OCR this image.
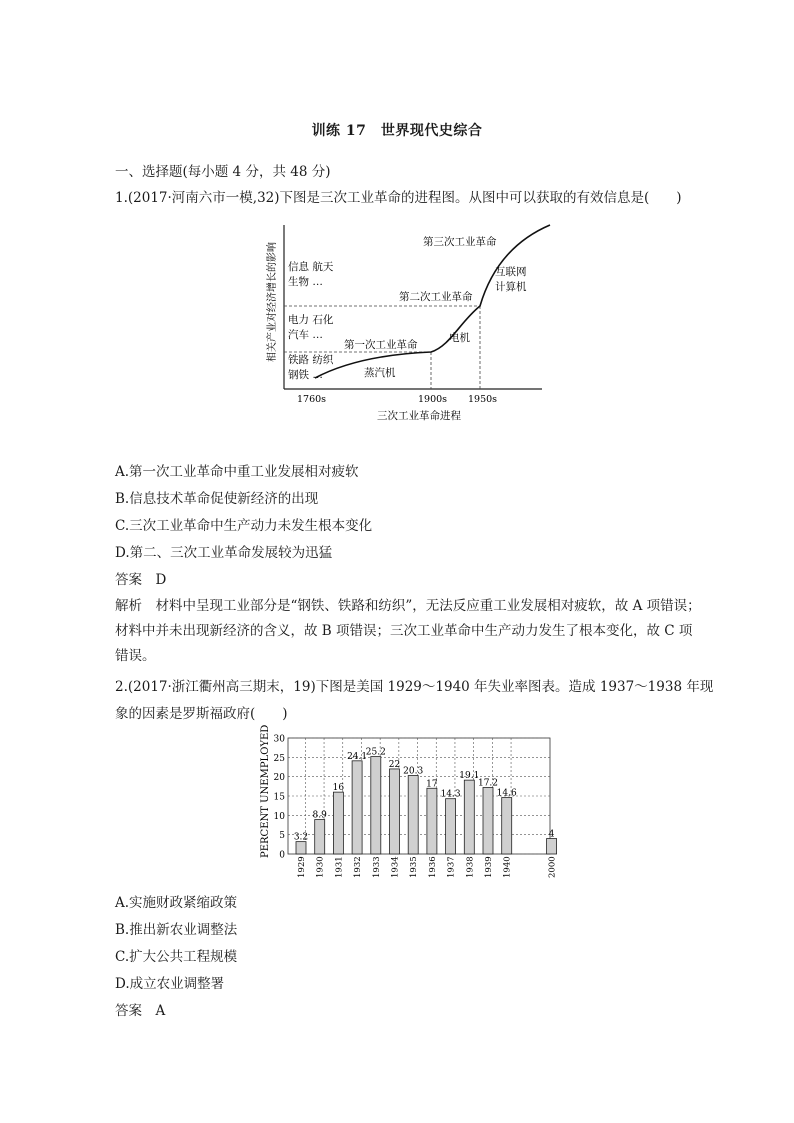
训练 17　世界现代史综合
一、选择题(每小题 4 分，共 48 分)
1.(2017·河南六市一模,32)下图是三次工业革命的进程图。从图中可以获取的有效信息是(　　)
相关产业对经济增长的影响 信息 航天
生物 …
电力 石化
汽车 …
铁路 纺织
钢铁 …
第一次工业革命
第二次工业革命
第三次工业革命
蒸汽机
电机
互联网
计算机
1760s	1900s 1950s
三次工业革命进程
A.第一次工业革命中重工业发展相对疲软
B.信息技术革命促使新经济的出现
C.三次工业革命中生产动力未发生根本变化
D.第二、三次工业革命发展较为迅猛
答案　D
解析　材料中呈现工业部分是“钢铁、铁路和纺织”，无法反应重工业发展相对疲软，故 A 项错误；材料中并未出现新经济的含义，故 B 项错误；三次工业革命中生产动力发生了根本变化，故 C 项错误。
2.(2017·浙江衢州高三期末，19)下图是美国 1929～1940 年失业率图表。造成 1937～1938 年现
象的因素是罗斯福政府(　　)
PERCENT UNEMPLOYED	3.2
8.9
16
24.1
25.2
22
20.3
17
14.3
19.1
17.2
14.6
4
0
5
10
15
20
25
30
1929 1930 1931 1932 1933 1934 1935 1936 1937 1938 1939 1940	2000
A.实施财政紧缩政策
B.推出新农业调整法
C.扩大公共工程规模
D.成立农业调整署
答案　A
